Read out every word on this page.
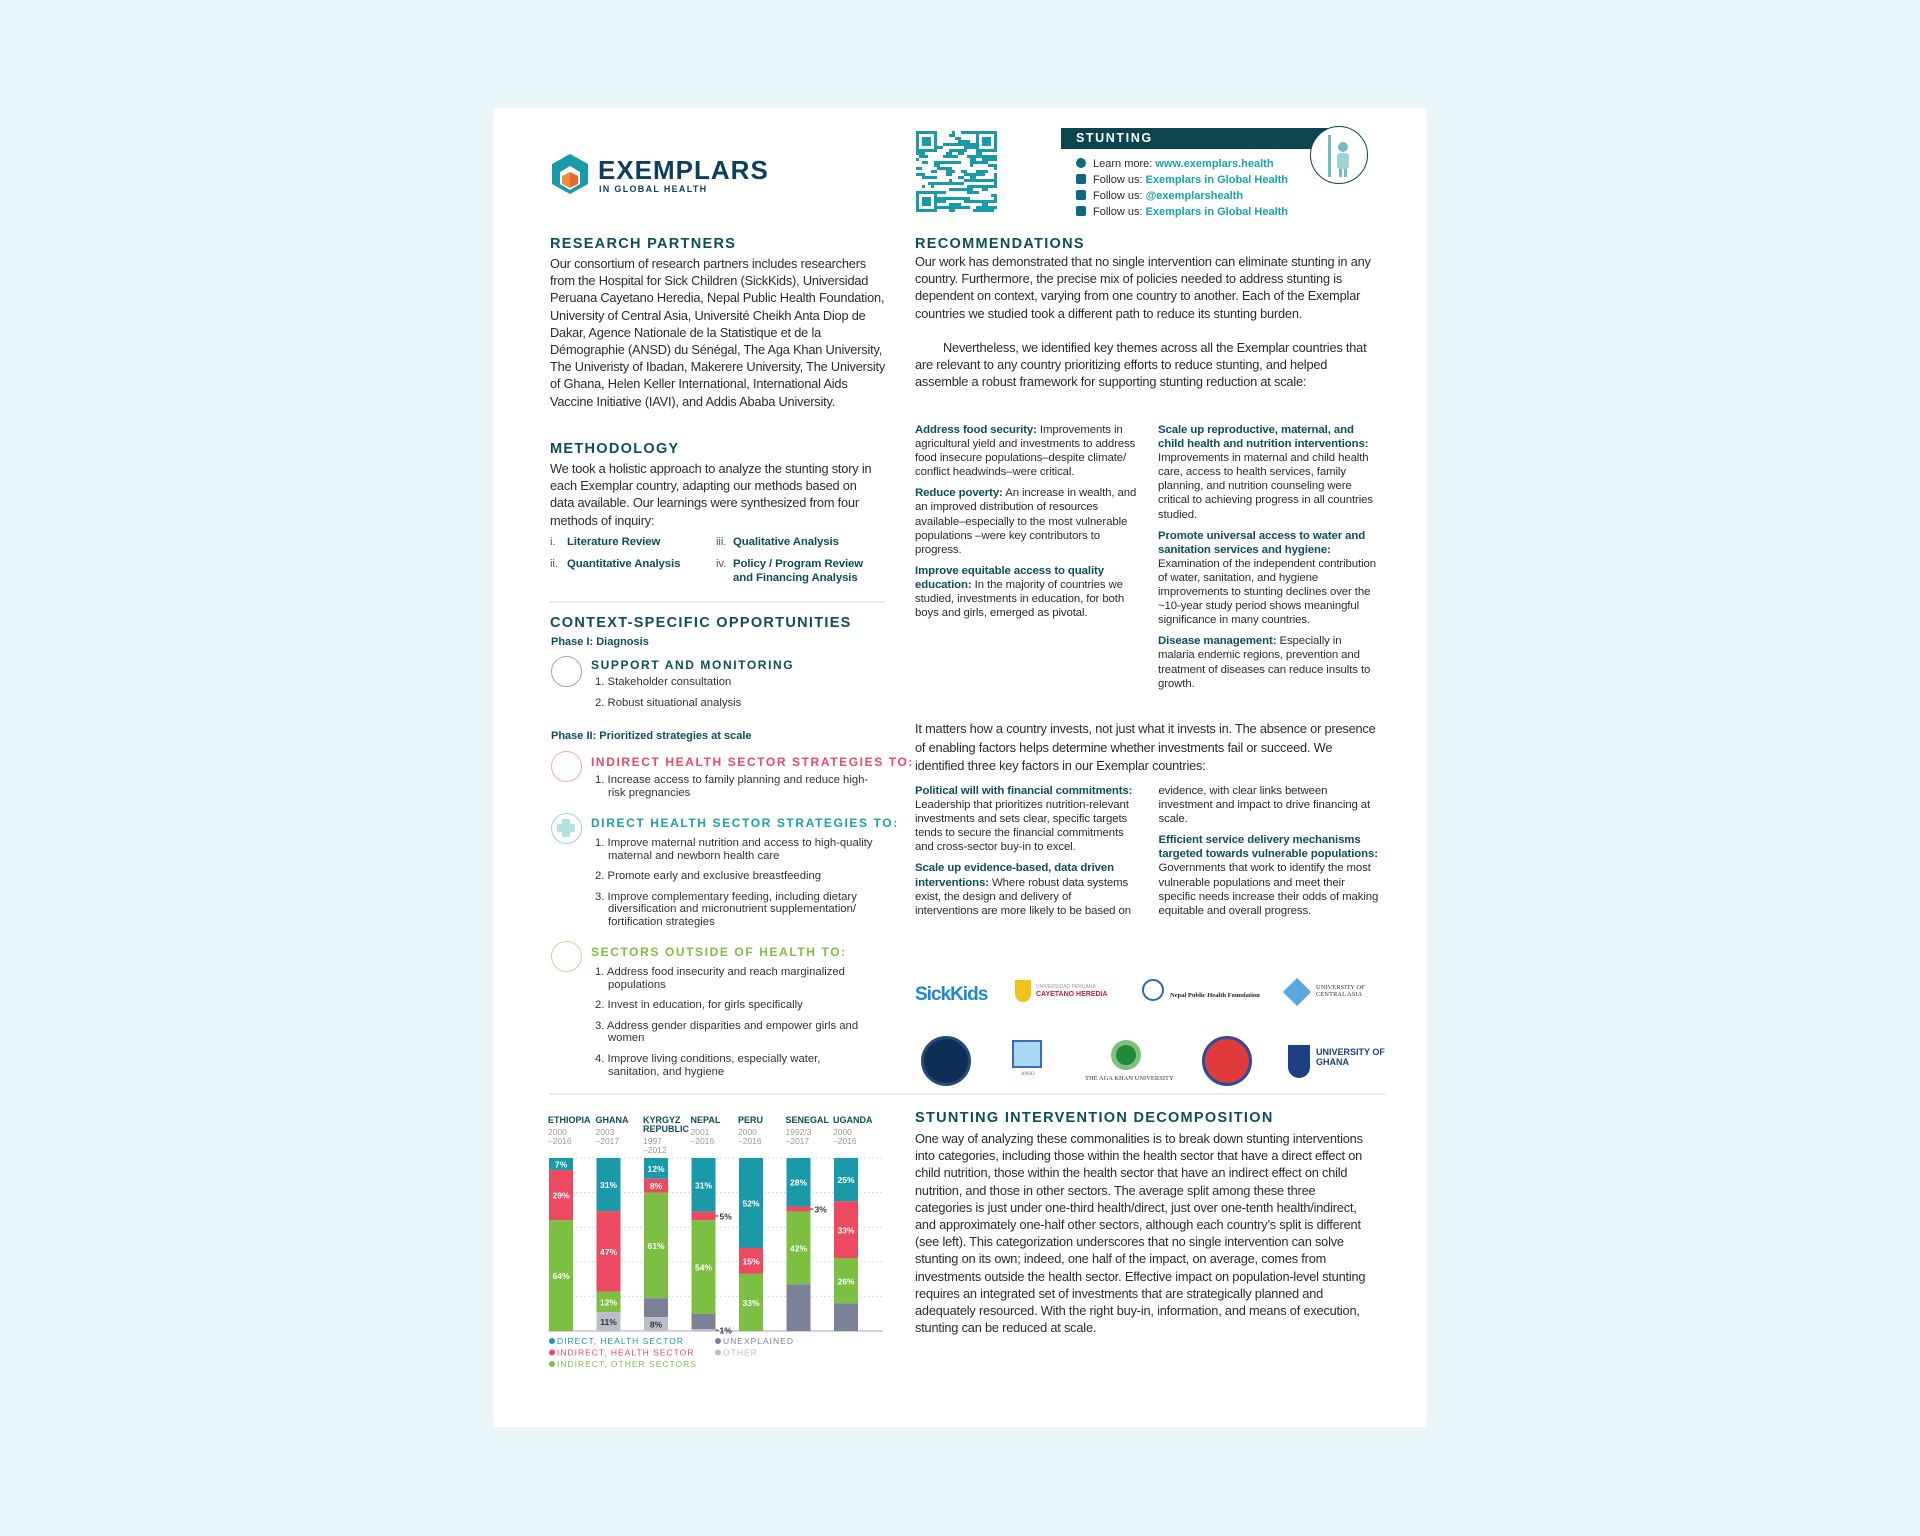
EXEMPLARS
IN GLOBAL HEALTH
STUNTING
Learn more: www.exemplars.health
Follow us: Exemplars in Global Health
Follow us: @exemplarshealth
Follow us: Exemplars in Global Health
RESEARCH PARTNERS
Our consortium of research partners includes researchers from the Hospital for Sick Children (SickKids), Universidad Peruana Cayetano Heredia, Nepal Public Health Foundation, University of Central Asia, Université Cheikh Anta Diop de Dakar, Agence Nationale de la Statistique et de la Démographie (ANSD) du Sénégal, The Aga Khan University, The Univeristy of Ibadan, Makerere University, The University of Ghana, Helen Keller International, International Aids Vaccine Initiative (IAVI), and Addis Ababa University.
METHODOLOGY
We took a holistic approach to analyze the stunting story in each Exemplar country, adapting our methods based on data available. Our learnings were synthesized from four methods of inquiry:
i. Literature Review
ii. Quantitative Analysis
iii. Qualitative Analysis
iv. Policy / Program Review and Financing Analysis
CONTEXT-SPECIFIC OPPORTUNITIES
Phase I: Diagnosis
SUPPORT AND MONITORING
1. Stakeholder consultation
2. Robust situational analysis
Phase II: Prioritized strategies at scale
INDIRECT HEALTH SECTOR STRATEGIES TO:
1. Increase access to family planning and reduce high-risk pregnancies
DIRECT HEALTH SECTOR STRATEGIES TO:
1. Improve maternal nutrition and access to high-quality maternal and newborn health care
2. Promote early and exclusive breastfeeding
3. Improve complementary feeding, including dietary diversification and micronutrient supplementation/ fortification strategies
SECTORS OUTSIDE OF HEALTH TO:
1. Address food insecurity and reach marginalized populations
2. Invest in education, for girls specifically
3. Address gender disparities and empower girls and women
4. Improve living conditions, especially water, sanitation, and hygiene
ETHIOPIA
2000
–2016
7%
29%
64%
GHANA
2003
–2017
31%
47%
12%
11%
KYRGYZ
REPUBLIC
1997
–2012
12%
8%
61%
8%
NEPAL
2001
–2016
31%
5%
54%
1%
PERU
2000
–2016
52%
15%
33%
SENEGAL
1992/3
–2017
28%
3%
42%
UGANDA
2000
–2016
25%
33%
26%
DIRECT, HEALTH SECTOR
INDIRECT, HEALTH SECTOR
INDIRECT, OTHER SECTORS
UNEXPLAINED
OTHER
RECOMMENDATIONS
Our work has demonstrated that no single intervention can eliminate stunting in any country. Furthermore, the precise mix of policies needed to address stunting is dependent on context, varying from one country to another. Each of the Exemplar countries we studied took a different path to reduce its stunting burden.
Nevertheless, we identified key themes across all the Exemplar countries that are relevant to any country prioritizing efforts to reduce stunting, and helped assemble a robust framework for supporting stunting reduction at scale:
Address food security: Improvements in agricultural yield and investments to address food insecure populations–despite climate/ conflict headwinds–were critical.
Reduce poverty: An increase in wealth, and an improved distribution of resources available–especially to the most vulnerable populations –were key contributors to progress.
Improve equitable access to quality education: In the majority of countries we studied, investments in education, for both boys and girls, emerged as pivotal.
Scale up reproductive, maternal, and child health and nutrition interventions: Improvements in maternal and child health care, access to health services, family planning, and nutrition counseling were critical to achieving progress in all countries studied.
Promote universal access to water and sanitation services and hygiene: Examination of the independent contribution of water, sanitation, and hygiene improvements to stunting declines over the ~10-year study period shows meaningful significance in many countries.
Disease management: Especially in malaria endemic regions, prevention and treatment of diseases can reduce insults to growth.
It matters how a country invests, not just what it invests in. The absence or presence of enabling factors helps determine whether investments fail or succeed. We identified three key factors in our Exemplar countries:
Political will with financial commitments: Leadership that prioritizes nutrition-relevant investments and sets clear, specific targets tends to secure the financial commitments and cross-sector buy-in to excel.
Scale up evidence-based, data driven interventions: Where robust data systems exist, the design and delivery of interventions are more likely to be based on evidence, with clear links between investment and impact to drive financing at scale.
Efficient service delivery mechanisms targeted towards vulnerable populations: Governments that work to identify the most vulnerable populations and meet their specific needs increase their odds of making equitable and overall progress.
SickKids	UNIVERSIDAD PERUANA
CAYETANO HEREDIA	Nepal Public Health Foundation
UNIVERSITY OF CENTRAL ASIA
ANSD
THE AGA KHAN UNIVERSITY
UNIVERSITY OF GHANA
STUNTING INTERVENTION DECOMPOSITION
One way of analyzing these commonalities is to break down stunting interventions into categories, including those within the health sector that have a direct effect on child nutrition, those within the health sector that have an indirect effect on child nutrition, and those in other sectors. The average split among these three categories is just under one-third health/direct, just over one-tenth health/indirect, and approximately one-half other sectors, although each country’s split is different (see left). This categorization underscores that no single intervention can solve stunting on its own; indeed, one half of the impact, on average, comes from investments outside the health sector. Effective impact on population-level stunting requires an integrated set of investments that are strategically planned and adequately resourced. With the right buy-in, information, and means of execution, stunting can be reduced at scale.
